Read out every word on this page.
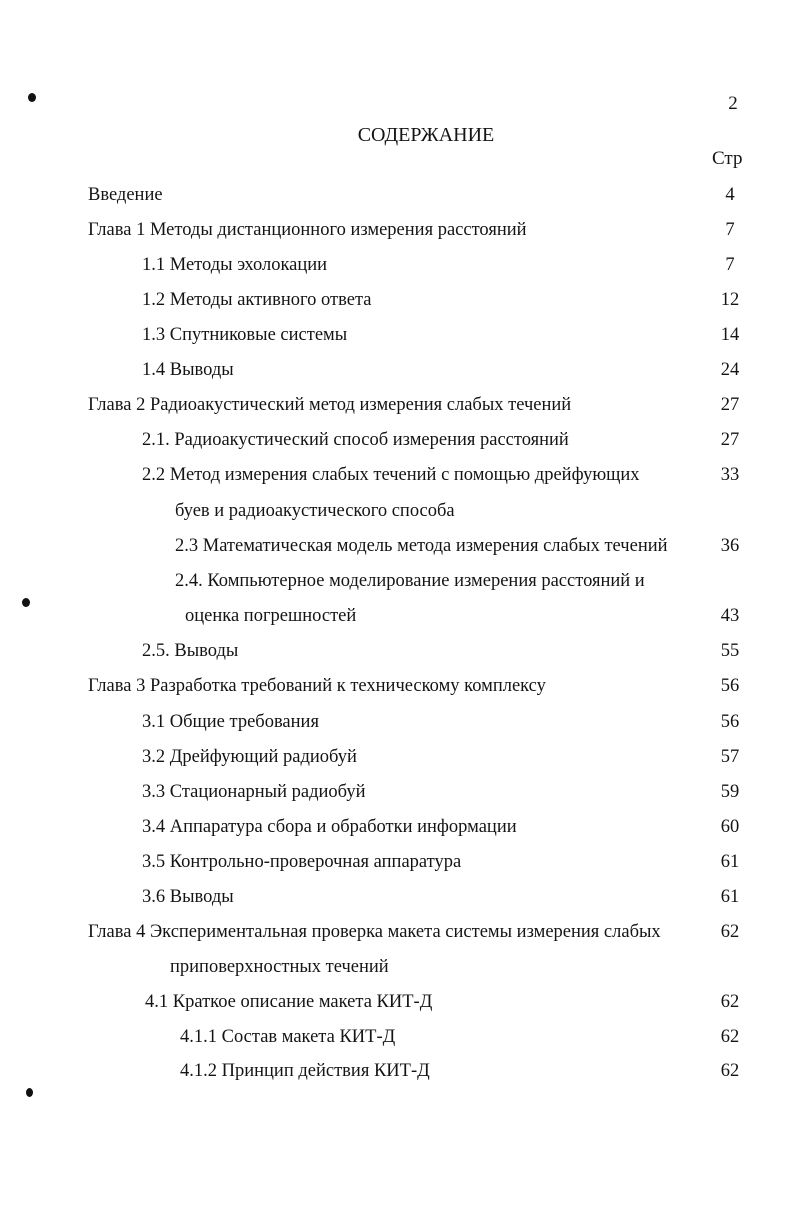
2
СОДЕРЖАНИЕ
Стр
Введение	4
Глава 1 Методы дистанционного измерения расстояний	7
1.1 Методы эхолокации	7
1.2 Методы активного ответа	12
1.3 Спутниковые системы	14
1.4 Выводы	24
Глава 2 Радиоакустический метод измерения слабых течений	27
2.1. Радиоакустический способ измерения расстояний	27
2.2 Метод измерения слабых течений с помощью дрейфующих	33
буев и радиоакустического способа
2.3 Математическая модель метода измерения слабых течений	36
2.4. Компьютерное моделирование измерения расстояний и
оценка погрешностей	43
2.5. Выводы	55
Глава 3 Разработка требований к техническому комплексу	56
3.1 Общие требования	56
3.2 Дрейфующий радиобуй	57
3.3 Стационарный радиобуй	59
3.4 Аппаратура сбора и обработки информации	60
3.5 Контрольно-проверочная аппаратура	61
3.6 Выводы	61
Глава 4 Экспериментальная проверка макета системы измерения слабых	62
приповерхностных течений
4.1 Краткое описание макета КИТ-Д	62
4.1.1 Состав макета КИТ-Д	62
4.1.2 Принцип действия КИТ-Д	62
